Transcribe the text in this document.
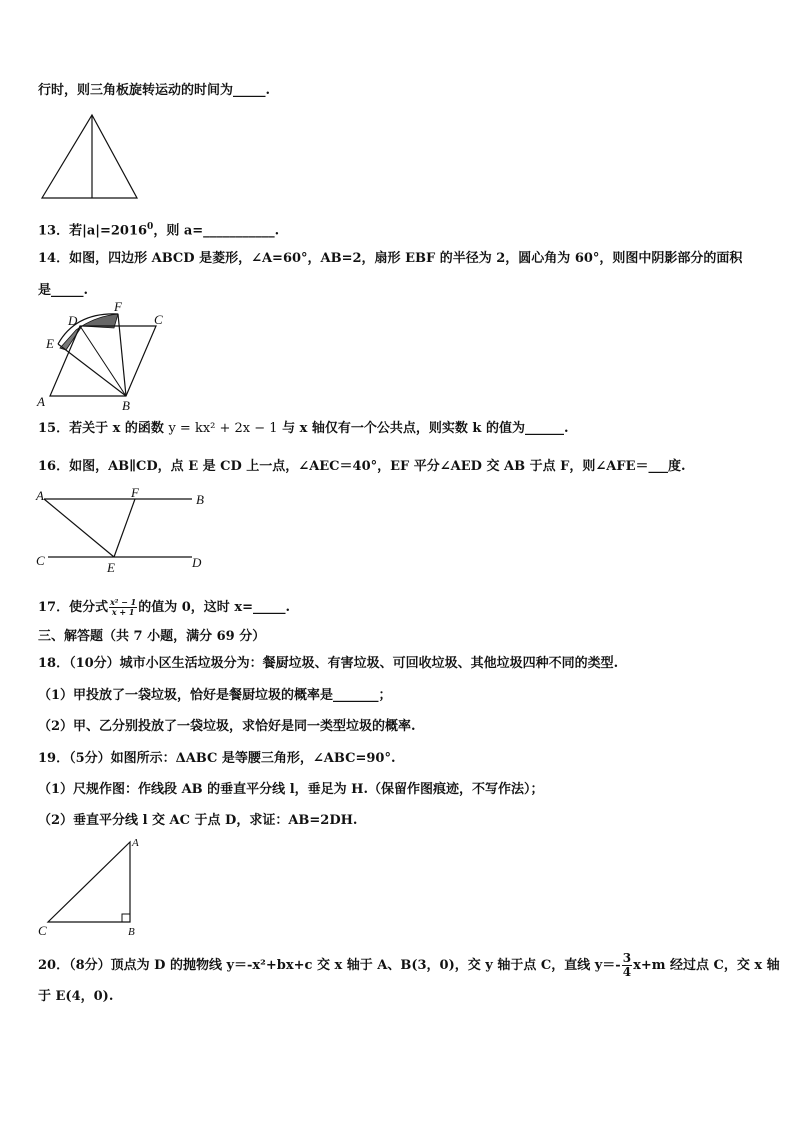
行时，则三角板旋转运动的时间为_____.
13．若$|a|=2016^0$，则 a=___________.
14．如图，四边形 ABCD 是菱形，∠A=60°，AB=2，扇形 EBF 的半径为 2，圆心角为 60°，则图中阴影部分的面积
是_____.
A	B
C
D
E
F
15．若关于 x 的函数 y = kx² + 2x − 1 与 x 轴仅有一个公共点，则实数 k 的值为______.
16．如图，AB∥CD，点 E 是 CD 上一点，∠AEC＝40°，EF 平分∠AED 交 AB 于点 F，则∠AFE＝___度.
A	B
C	D
E
F
17．使分式 $\frac{\text{x² − 1}}{x + 1}$ 的值为 0，这时 x=_____.
三、解答题（共 7 小题，满分 69 分）
18．（10分）城市小区生活垃圾分为：餐厨垃圾、有害垃圾、可回收垃圾、其他垃圾四种不同的类型.
（1）甲投放了一袋垃圾，恰好是餐厨垃圾的概率是_______；
（2）甲、乙分别投放了一袋垃圾，求恰好是同一类型垃圾的概率.
19．（5分）如图所示：ΔABC 是等腰三角形，∠ABC=90°.
（1）尺规作图：作线段 AB 的垂直平分线 l，垂足为 H.（保留作图痕迹，不写作法）；
（2）垂直平分线 l 交 AC 于点 D，求证：AB=2DH.
A
B
C
20．（8分）顶点为 D 的抛物线 y＝-x²+bx+c 交 x 轴于 A、B(3，0)，交 y 轴于点 C，直线 $y=- \frac{3}{4} x+m$ 经过点 C，交 x 轴
于 E(4，0).
